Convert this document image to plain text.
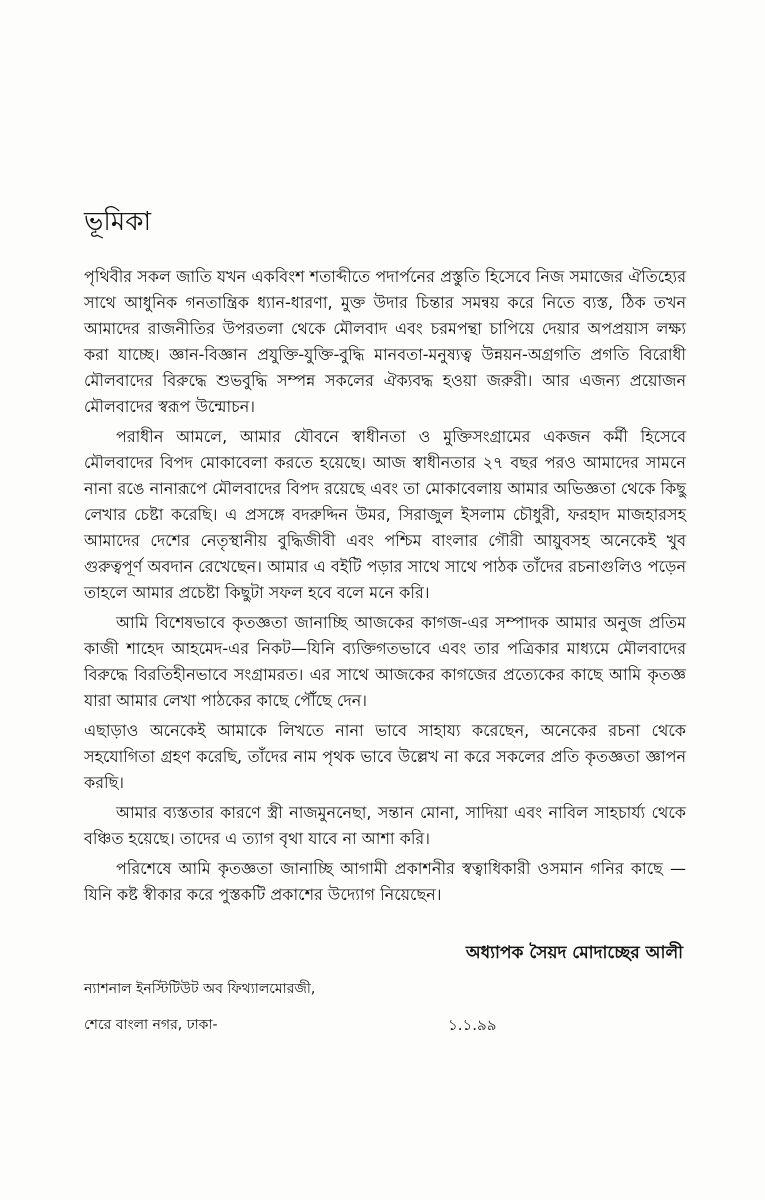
ভূমিকা

পৃথিবীর সকল জাতি যখন একবিংশ শতাব্দীতে পদার্পনের প্রস্তুতি হিসেবে নিজ সমাজের ঐতিহ্যের সাথে আধুনিক গনতান্ত্রিক ধ্যান-ধারণা, মুক্ত উদার চিন্তার সমন্বয় করে নিতে ব্যস্ত, ঠিক তখন আমাদের রাজনীতির উপরতলা থেকে মৌলবাদ এবং চরমপন্থা চাপিয়ে দেয়ার অপপ্রয়াস লক্ষ্য করা যাচ্ছে। জ্ঞান-বিজ্ঞান প্রযুক্তি-যুক্তি-বুদ্ধি মানবতা-মনুষ্যত্ব উন্নয়ন-অগ্রগতি প্রগতি বিরোধী মৌলবাদের বিরুদ্ধে শুভবুদ্ধি সম্পন্ন সকলের ঐক্যবদ্ধ হওয়া জরুরী। আর এজন্য প্রয়োজন মৌলবাদের স্বরূপ উন্মোচন।

পরাধীন আমলে, আমার যৌবনে স্বাধীনতা ও মুক্তিসংগ্রামের একজন কর্মী হিসেবে মৌলবাদের বিপদ মোকাবেলা করতে হয়েছে। আজ স্বাধীনতার ২৭ বছর পরও আমাদের সামনে নানা রঙে নানারূপে মৌলবাদের বিপদ রয়েছে এবং তা মোকাবেলায় আমার অভিজ্ঞতা থেকে কিছু লেখার চেষ্টা করেছি। এ প্রসঙ্গে বদরুদ্দিন উমর, সিরাজুল ইসলাম চৌধুরী, ফরহাদ মাজহারসহ আমাদের দেশের নেতৃস্থানীয় বুদ্ধিজীবী এবং পশ্চিম বাংলার গৌরী আয়ুবসহ অনেকেই খুব গুরুত্বপূর্ণ অবদান রেখেছেন। আমার এ বইটি পড়ার সাথে সাথে পাঠক তাঁদের রচনাগুলিও পড়েন তাহলে আমার প্রচেষ্টা কিছুটা সফল হবে বলে মনে করি।

আমি বিশেষভাবে কৃতজ্ঞতা জানাচ্ছি আজকের কাগজ-এর সম্পাদক আমার অনুজ প্রতিম কাজী শাহেদ আহমেদ-এর নিকট—যিনি ব্যক্তিগতভাবে এবং তার পত্রিকার মাধ্যমে মৌলবাদের বিরুদ্ধে বিরতিহীনভাবে সংগ্রামরত। এর সাথে আজকের কাগজের প্রত্যেকের কাছে আমি কৃতজ্ঞ যারা আমার লেখা পাঠকের কাছে পৌঁছে দেন।

এছাড়াও অনেকেই আমাকে লিখতে নানা ভাবে সাহায্য করেছেন, অনেকের রচনা থেকে সহযোগিতা গ্রহণ করেছি, তাঁদের নাম পৃথক ভাবে উল্লেখ না করে সকলের প্রতি কৃতজ্ঞতা জ্ঞাপন করছি।

আমার ব্যস্ততার কারণে স্ত্রী নাজমুননেছা, সন্তান মোনা, সাদিয়া এবং নাবিল সাহচার্য্য থেকে বঞ্চিত হয়েছে। তাদের এ ত্যাগ বৃথা যাবে না আশা করি।

পরিশেষে আমি কৃতজ্ঞতা জানাচ্ছি আগামী প্রকাশনীর স্বত্বাধিকারী ওসমান গনির কাছে —যিনি কষ্ট স্বীকার করে পুস্তকটি প্রকাশের উদ্যোগ নিয়েছেন।

অধ্যাপক সৈয়দ মোদাচ্ছের আলী
ন্যাশনাল ইনস্টিটিউট অব ফিথ্যালমোরজী,
শেরে বাংলা নগর, ঢাকা-	১.১.৯৯
